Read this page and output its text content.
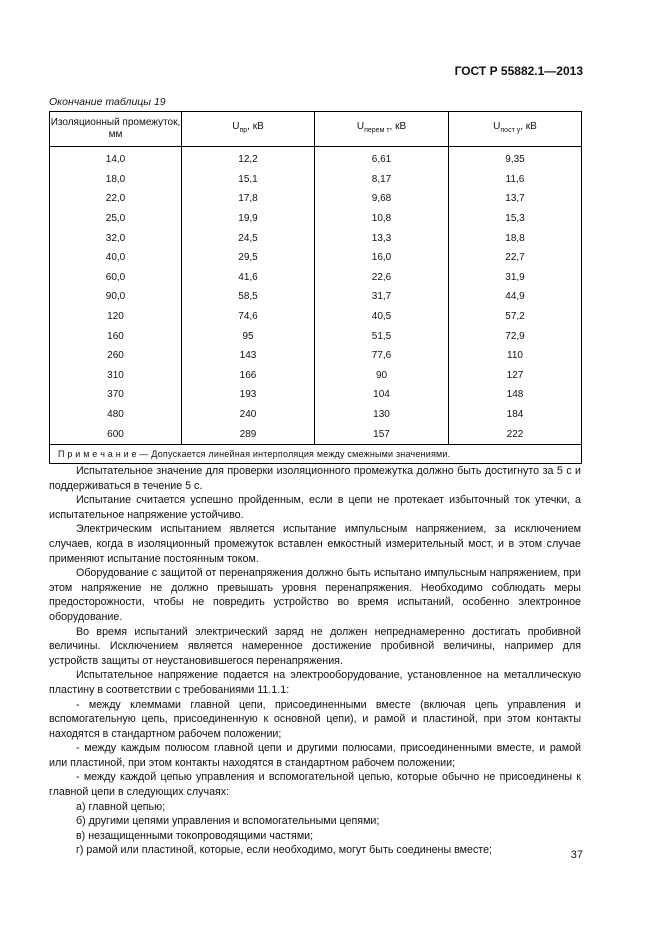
ГОСТ Р 55882.1—2013
Окончание таблицы 19
Изоляционный промежуток,
мм	$U_{пр}$, кВ	$U_{перем т}$, кВ	$U_{пост у}$, кВ
14,0	12,2	6,61	9,35
18,0	15,1	8,17	11,6
22,0	17,8	9,68	13,7
25,0	19,9	10,8	15,3
32,0	24,5	13,3	18,8
40,0	29,5	16,0	22,7
60,0	41,6	22,6	31,9
90,0	58,5	31,7	44,9
120	74,6	40,5	57,2
160	95	51,5	72,9
260	143	77,6	110
310	166	90	127
370	193	104	148
480	240	130	184
600	289	157	222
П р и м е ч а н и е — Допускается линейная интерполяция между смежными значениями.			

Испытательное значение для проверки изоляционного промежутка должно быть достигнуто за 5 с и поддерживаться в течение 5 с.

Испытание считается успешно пройденным, если в цепи не протекает избыточный ток утечки, а испытательное напряжение устойчиво.

Электрическим испытанием является испытание импульсным напряжением, за исключением случаев, когда в изоляционный промежуток вставлен емкостный измерительный мост, и в этом случае применяют испытание постоянным током.

Оборудование с защитой от перенапряжения должно быть испытано импульсным напряжением, при этом напряжение не должно превышать уровня перенапряжения. Необходимо соблюдать меры предосторожности, чтобы не повредить устройство во время испытаний, особенно электронное оборудование.

Во время испытаний электрический заряд не должен непреднамеренно достигать пробивной величины. Исключением является намеренное достижение пробивной величины, например для устройств защиты от неустановившегося перенапряжения.

Испытательное напряжение подается на электрооборудование, установленное на металлическую пластину в соответствии с требованиями 11.1.1:

- между клеммами главной цепи, присоединенными вместе (включая цепь управления и вспомогательную цепь, присоединенную к основной цепи), и рамой и пластиной, при этом контакты находятся в стандартном рабочем положении;

- между каждым полюсом главной цепи и другими полюсами, присоединенными вместе, и рамой или пластиной, при этом контакты находятся в стандартном рабочем положении;

- между каждой цепью управления и вспомогательной цепью, которые обычно не присоединены к главной цепи в следующих случаях:

а) главной цепью;

б) другими цепями управления и вспомогательными цепями;

в) незащищенными токопроводящими частями;

г) рамой или пластиной, которые, если необходимо, могут быть соединены вместе;	37
